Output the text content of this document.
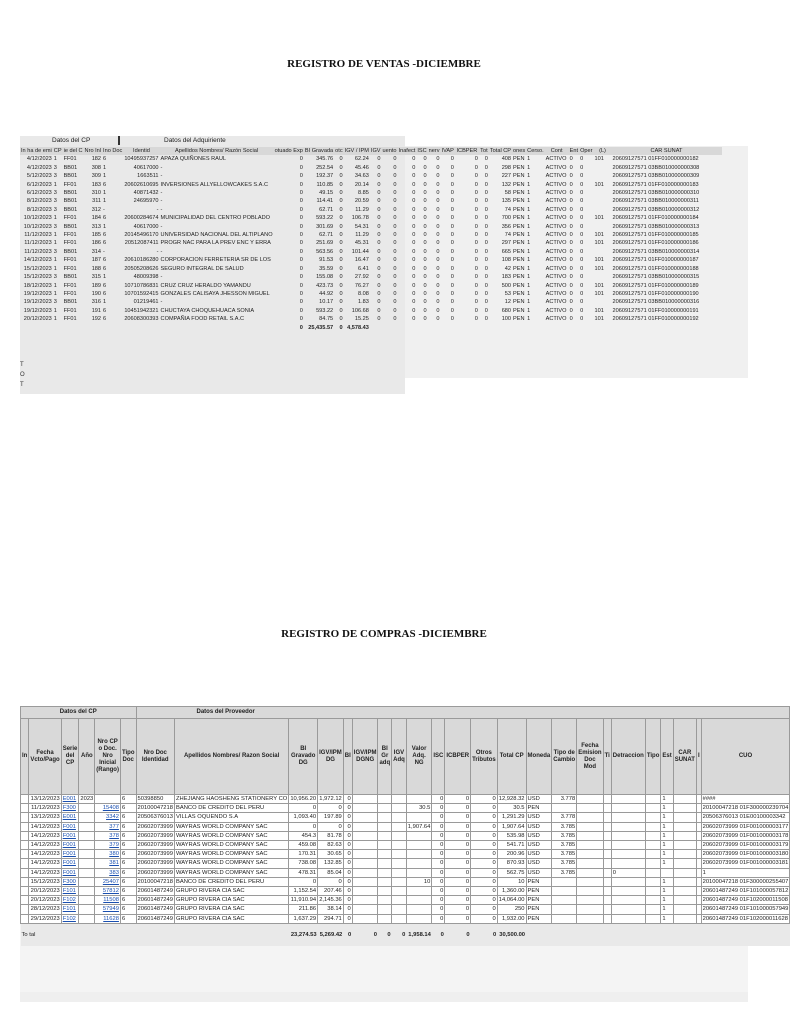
REGISTRO DE VENTAS -DICIEMBRE
Datos del CP	Datos del Adquiriente
In ha de emi	CP	ie del C	Nro Inl	Ino Doc	Identid	Apellidos Nombres/ Razón Social	otuado Exp	BI Gravada	otc	IGV / IPM	IGV	uento	Inafect	ISC	nerv	IVAP	ICBPER	Tot	Total CP	ones	Cerso.	Cont	Ent	Oper	(L)	CAR SUNAT
4/12/2023	1	FF01	182	6	10495937257	APAZA QUIÑONES RAUL	0	345.76	0	62.24	0	0	0	0	0	0	0	0	408	PEN	1	ACTIVO	0	0	101	20609127571 01FF010000000182
4/12/2023	3	BB01	308	1	40617000	-	0	252.54	0	45.46	0	0	0	0	0	0	0	0	298	PEN	1	ACTIVO	0	0		20609127571 03BB010000000308
5/12/2023	3	BB01	309	1	1663511	-	0	192.37	0	34.63	0	0	0	0	0	0	0	0	227	PEN	1	ACTIVO	0	0		20609127571 03BB010000000309
6/12/2023	1	FF01	183	6	20602610695	INVERSIONES ALLYELLOWCAKES S.A.C	0	110.85	0	20.14	0	0	0	0	0	0	0	0	132	PEN	1	ACTIVO	0	0	101	20609127571 01FF010000000183
6/12/2023	3	BB01	310	1	40871432	-	0	49.15	0	8.85	0	0	0	0	0	0	0	0	58	PEN	1	ACTIVO	0	0		20609127571 03BB010000000310
8/12/2023	3	BB01	311	1	24695970	-	0	114.41	0	20.59	0	0	0	0	0	0	0	0	135	PEN	1	ACTIVO	0	0		20609127571 03BB010000000311
8/12/2023	3	BB01	312	-	-	-	0	62.71	0	11.29	0	0	0	0	0	0	0	0	74	PEN	1	ACTIVO	0	0		20609127571 03BB010000000312
10/12/2023	1	FF01	184	6	20600284674	MUNICIPALIDAD DEL CENTRO POBLADO	0	593.22	0	106.78	0	0	0	0	0	0	0	0	700	PEN	1	ACTIVO	0	0	101	20609127571 01FF010000000184
10/12/2023	3	BB01	313	1	40617000	-	0	301.69	0	54.31	0	0	0	0	0	0	0	0	356	PEN	1	ACTIVO	0	0		20609127571 03BB010000000313
11/12/2023	1	FF01	185	6	20145496170	UNIVERSIDAD NACIONAL DEL ALTIPLANO	0	62.71	0	11.29	0	0	0	0	0	0	0	0	74	PEN	1	ACTIVO	0	0	101	20609127571 01FF010000000185
11/12/2023	1	FF01	186	6	20512087411	PROGR NAC PARA LA PREV ENC Y ERRA	0	251.69	0	45.31	0	0	0	0	0	0	0	0	297	PEN	1	ACTIVO	0	0	101	20609127571 01FF010000000186
11/12/2023	3	BB01	314	-	-	-	0	563.56	0	101.44	0	0	0	0	0	0	0	0	665	PEN	1	ACTIVO	0	0		20609127571 03BB010000000314
14/12/2023	1	FF01	187	6	20610186280	CORPORACION FERRETERIA SR DE LOS	0	91.53	0	16.47	0	0	0	0	0	0	0	0	108	PEN	1	ACTIVO	0	0	101	20609127571 01FF010000000187
15/12/2023	1	FF01	188	6	20505208626	SEGURO INTEGRAL DE SALUD	0	35.59	0	6.41	0	0	0	0	0	0	0	0	42	PEN	1	ACTIVO	0	0	101	20609127571 01FF010000000188
15/12/2023	3	BB01	315	1	48009398	-	0	155.08	0	27.92	0	0	0	0	0	0	0	0	183	PEN	1	ACTIVO	0	0		20609127571 03BB010000000315
18/12/2023	1	FF01	189	6	10710786831	CRUZ CRUZ HERALDO YAMANDU	0	423.73	0	76.27	0	0	0	0	0	0	0	0	500	PEN	1	ACTIVO	0	0	101	20609127571 01FF010000000189
19/12/2023	1	FF01	190	6	10701592415	GONZALES CALISAYA JHESSON MIGUEL	0	44.92	0	8.08	0	0	0	0	0	0	0	0	53	PEN	1	ACTIVO	0	0	101	20609127571 01FF010000000190
19/12/2023	3	BB01	316	1	01219461	-	0	10.17	0	1.83	0	0	0	0	0	0	0	0	12	PEN	1	ACTIVO	0	0		20609127571 03BB010000000316
19/12/2023	1	FF01	191	6	10451942321	CHUCTAYA CHOQUEHUACA SONIA	0	593.22	0	106.68	0	0	0	0	0	0	0	0	680	PEN	1	ACTIVO	0	0	101	20609127571 01FF010000000191
20/12/2023	1	FF01	192	6	20608300393	COMPAÑIA FOOD RETAIL S.A.C	0	84.75	0	15.25	0	0	0	0	0	0	0	0	100	PEN	1	ACTIVO	0	0	101	20609127571 01FF010000000192
							0	25,435.57	0	4,578.43																
T
O
T
REGISTRO DE COMPRAS -DICIEMBRE
Datos del CP						Datos del Proveedor																						
In	Fecha Vcto/Pago	Serie del CP	Año	Nro CP o Doc. Nro Inicial (Rango)	Tipo Doc	Nro Doc Identidad	Apellidos Nombres/ Razon Social	BI Gravado DG	IGV/IPM DG	BI	IGV/IPM DGNG	BI Gr adq	IGV Adq	Valor Adq. NG	ISC	ICBPER	Otros Tributos	Total CP	Moneda	Tipo de Cambio	Fecha Emision Doc Mod	Ti	Detraccion	Tipo	Est	CAR SUNAT	I	CUO
	13/12/2023	E001	2023		6	50398850	ZHEJIANG HAOSHENG STATIONERY CO	10,956.20	1,972.12	0					0	0	0	12,928.32	USD	3.778					1			####
	11/12/2023	F300		15408	6	20100047218	BANCO DE CREDITO DEL PERU	0	0	0				30.5	0	0	0	30.5	PEN						1			20100047218 01F300000239704
	13/12/2023	E001		3342	6	20506376013	VILLAS OQUENDO S.A	1,093.40	197.89	0					0	0	0	1,291.29	USD	3.778					1			20506376013 01E00100003342
	14/12/2023	F001		377	6	20602073999	WAYRAS WORLD COMPANY SAC	0	0	0				1,907.64	0	0	0	1,907.64	USD	3.785					1			20602073999 01F001000003177
	14/12/2023	F001		378	6	20602073999	WAYRAS WORLD COMPANY SAC	454.3	81.78	0					0	0	0	535.98	USD	3.785					1			20602073999 01F001000003178
	14/12/2023	F001		379	6	20602073999	WAYRAS WORLD COMPANY SAC	459.08	82.63	0					0	0	0	541.71	USD	3.785					1			20602073999 01F001000003179
	14/12/2023	F001		380	6	20602073999	WAYRAS WORLD COMPANY SAC	170.31	30.65	0					0	0	0	200.96	USD	3.785					1			20602073999 01F001000003180
	14/12/2023	F001		381	6	20602073999	WAYRAS WORLD COMPANY SAC	738.08	132.85	0					0	0	0	870.93	USD	3.785					1			20602073999 01F001000003181
	14/12/2023	F001		383	6	20602073999	WAYRAS WORLD COMPANY SAC	478.31	85.04	0					0	0	0	562.75	USD	3.785			0					1
	15/12/2023	F300		25407	6	20100047218	BANCO DE CREDITO DEL PERU	0	0	0				10	0	0	0	10	PEN						1			20100047218 01F300000255407
	20/12/2023	F101		57812	6	20601487249	GRUPO RIVERA CIA SAC	1,152.54	207.46	0					0	0	0	1,360.00	PEN						1			20601487249 01F101000057812
	20/12/2023	F102		11508	6	20601487249	GRUPO RIVERA CIA SAC	11,910.94	2,145.36	0					0	0	0	14,064.00	PEN						1			20601487249 01F102000011508
	28/12/2023	F101		57949	6	20601487249	GRUPO RIVERA CIA SAC	211.86	38.14	0					0	0	0	250	PEN						1			20601487249 01F101000057949
	29/12/2023	F102		11628	6	20601487249	GRUPO RIVERA CIA SAC	1,637.29	294.71	0					0	0	0	1,932.00	PEN						1			20601487249 01F102000011628
To tal								23,274.53	5,269.42	0	0	0	0	1,958.14	0	0	0	30,500.00										
